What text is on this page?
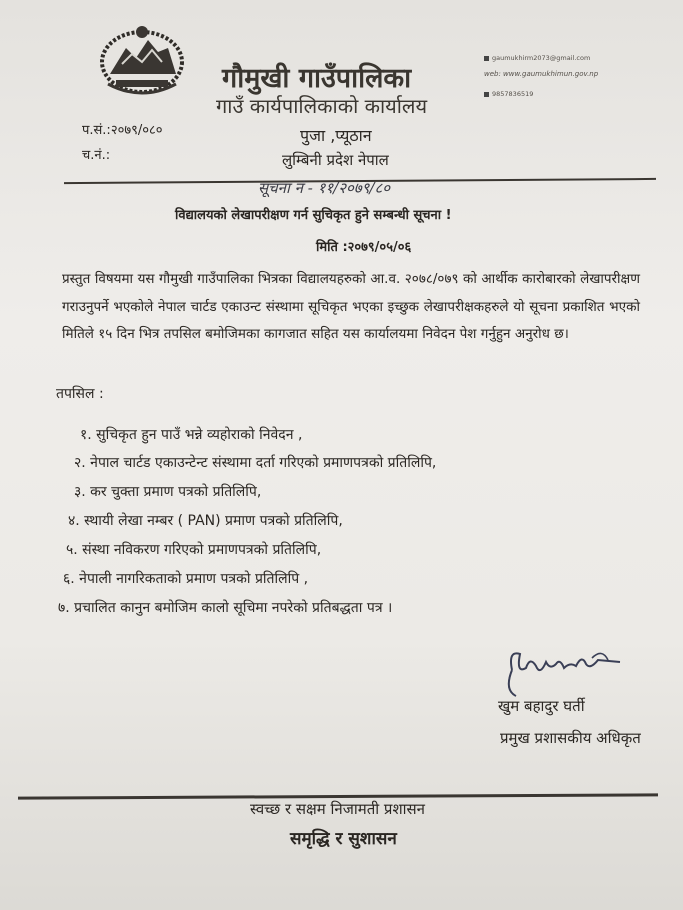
गौमुखी गाउँपालिका
गाउँ कार्यपालिकाको कार्यालय
पुजा ,प्यूठान
लुम्बिनी प्रदेश नेपाल
gaumukhirm2073@gmail.com
web: www.gaumukhimun.gov.np
9857836519
प.सं.:२०७९/०८०
च.नं.:
सूचना नं - ११/२०७९/८०
विद्यालयको लेखापरीक्षण गर्न सुचिकृत हुने सम्बन्धी सूचना !
मिति :२०७९/०५/०६
प्रस्तुत विषयमा यस गौमुखी गाउँपालिका भित्रका विद्यालयहरुको आ.व. २०७८/०७९ को आर्थीक कारोबारको लेखापरीक्षण गराउनुपर्ने भएकोले नेपाल चार्टड एकाउन्ट संस्थामा सूचिकृत भएका इच्छुक लेखापरीक्षकहरुले यो सूचना प्रकाशित भएको मितिले १५ दिन भित्र तपसिल बमोजिमका कागजात सहित यस कार्यालयमा निवेदन पेश गर्नुहुन अनुरोध छ।
तपसिल :
१. सुचिकृत हुन पाउँ भन्ने व्यहोराको निवेदन ,
२. नेपाल चार्टड एकाउन्टेन्ट संस्थामा दर्ता गरिएको प्रमाणपत्रको प्रतिलिपि,
३. कर चुक्ता प्रमाण पत्रको प्रतिलिपि,
४. स्थायी लेखा नम्बर ( PAN) प्रमाण पत्रको प्रतिलिपि,
५. संस्था नविकरण गरिएको प्रमाणपत्रको प्रतिलिपि,
६. नेपाली नागरिकताको प्रमाण पत्रको प्रतिलिपि ,
७. प्रचालित कानुन बमोजिम कालो सूचिमा नपरेको प्रतिबद्धता पत्र ।
खुम बहादुर घर्ती
प्रमुख प्रशासकीय अधिकृत
स्वच्छ र सक्षम निजामती प्रशासन
समृद्धि र सुशासन
